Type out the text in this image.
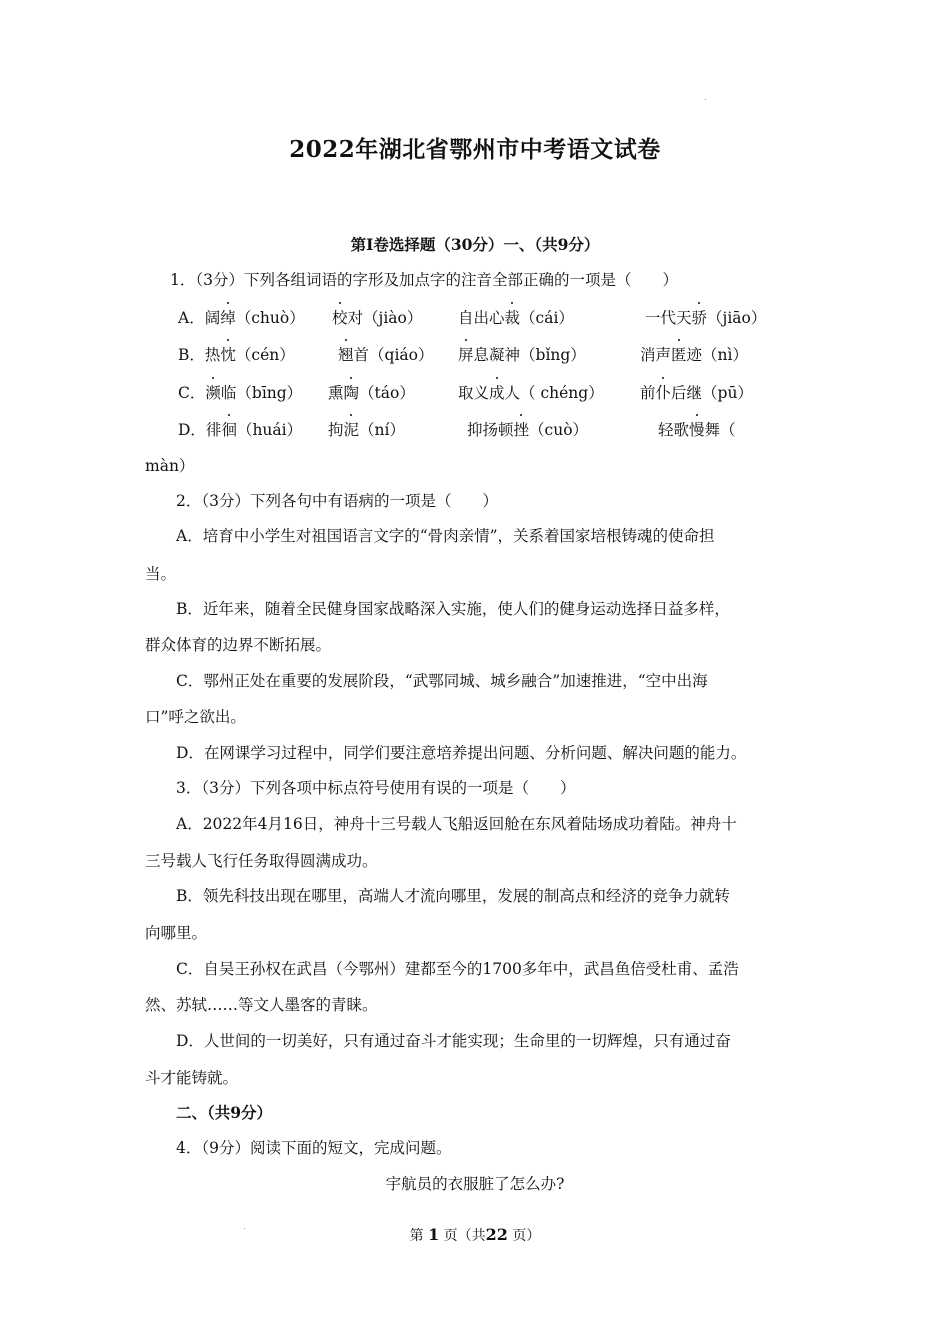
2022年湖北省鄂州市中考语文试卷
第Ⅰ卷选择题（30分）一、（共9分）
1．（3分）下列各组词语的字形及加点字的注音全部正确的一项是（　　）
A．阔绰（chuò） 校对（jiào） 自出心裁（cái）	一代天骄（jiāo）
B．热忱（cén）	翘首（qiáo） 屏息凝神（bǐng）	消声匿迹（nì）
C．濒临（bīng） 熏陶（táo）	取义成人（ chéng） 前仆后继（pū）
D．徘徊（huái） 拘泥（ní）	抑扬顿挫（cuò）	轻歌慢舞（
màn）
2．（3分）下列各句中有语病的一项是（　　）
A．培育中小学生对祖国语言文字的“骨肉亲情”，关系着国家培根铸魂的使命担
当。
B．近年来，随着全民健身国家战略深入实施，使人们的健身运动选择日益多样，
群众体育的边界不断拓展。
C．鄂州正处在重要的发展阶段，“武鄂同城、城乡融合”加速推进，“空中出海
口”呼之欲出。
D．在网课学习过程中，同学们要注意培养提出问题、分析问题、解决问题的能力。
3．（3分）下列各项中标点符号使用有误的一项是（　　）
A．2022年4月16日，神舟十三号载人飞船返回舱在东风着陆场成功着陆。神舟十
三号载人飞行任务取得圆满成功。
B．领先科技出现在哪里，高端人才流向哪里，发展的制高点和经济的竞争力就转
向哪里。
C．自吴王孙权在武昌（今鄂州）建都至今的1700多年中，武昌鱼倍受杜甫、孟浩
然、苏轼……等文人墨客的青睐。
D．人世间的一切美好，只有通过奋斗才能实现；生命里的一切辉煌，只有通过奋
斗才能铸就。
二、（共9分）
4．（9分）阅读下面的短文，完成问题。
宇航员的衣服脏了怎么办?
第 1 页（共22 页）
